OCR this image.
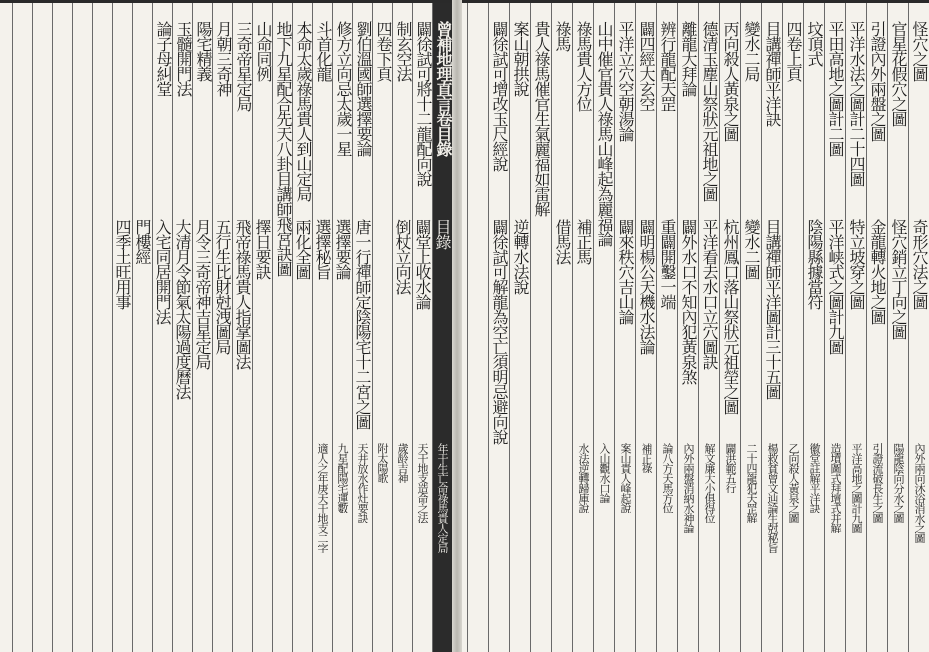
怪穴之圖
奇形穴法之圖
內外兩向沐浴消水之圖
官星花假穴之圖
怪穴銷立丁向之圖
陽龍陰向分水之圖
引證內外兩盤之圖
金龍轉火地之圖
引證流破長生之圖
平洋水法之圖計二十四圖
特立坡穿之圖
平洋高地之圖計九圖
平田高地之圖計二圖
平洋峡式之圖計九圖
造墳圖式拜壇式并解
坟頂式
陰陽縣據當符
徽堂註解平洋訣
四卷上頁
乙向殺人黃泉之圖
目講禪師平洋訣
目講禪師平洋圖計三十五圖
楊救貧曾文辿論生尅秘旨
變水二局
變水二圖
二十四龍犯天罡解
丙向殺人黃泉之圖
杭州鳳口落山祭狀元祖塋之圖
闢洪範五行
德清玉塵山祭狀元祖地之圖
平洋看去水口立穴圖訣
解文廉大小俱得位
離龍大拜論
闢外水口不知內犯黃泉煞
內外兩盤消納水神論
辨行龍配天罡
重闢開鑿一端
論八方天馬方位
闢四經大玄空
闢明楊公天機水法論
補正祿
平洋立穴空朝湯論
闢來秩穴吉山論
案山貴人峰起說
山中催官貴人祿馬山峰起為麗福論
入山觀水口論
祿馬貴人方位
補正馬
水法逆轉歸庫說
祿馬
借馬法
貴人祿馬催官生氣麗福如雷解
案山朝拱說
逆轉水法說
闢徐試可增改玉尺經說
闢徐試可解龍為空亡須明忌避向說
曾補地理直言卷目錄
目錄
年干生亡命祿馬貴人定局
闢徐試可將十二龍配向說
闢堂上收水論
天干地支造命之法
制玄空法
倒杖立向法
歲龄吉神
四卷下頁
附太陽歌
劉伯溫國師選擇要論
唐一行禪師定陰陽宅十二宮之圖
天井放水作灶要訣
修方立向忌太歲一星
選擇要論
九星配陽宅運數
斗首化龍
選擇秘旨
適人之年庚天干地支二字
本命太歲祿馬貴人到山定局
兩化全圖
地下九星配合先天八卦目講師飛宮訣圖
山命同例
擇日要訣
三奇帝星定局
飛帝祿馬貴人指掌圖法
月朝三奇神
五行生比財尅洩圖局
陽宅精義
月令三奇帝神吉星定局
玉髓開門法
大清月令節氣太陽過度曆法
論子母糾堂
入宅同居開門法
門樓經
四季土旺用事
